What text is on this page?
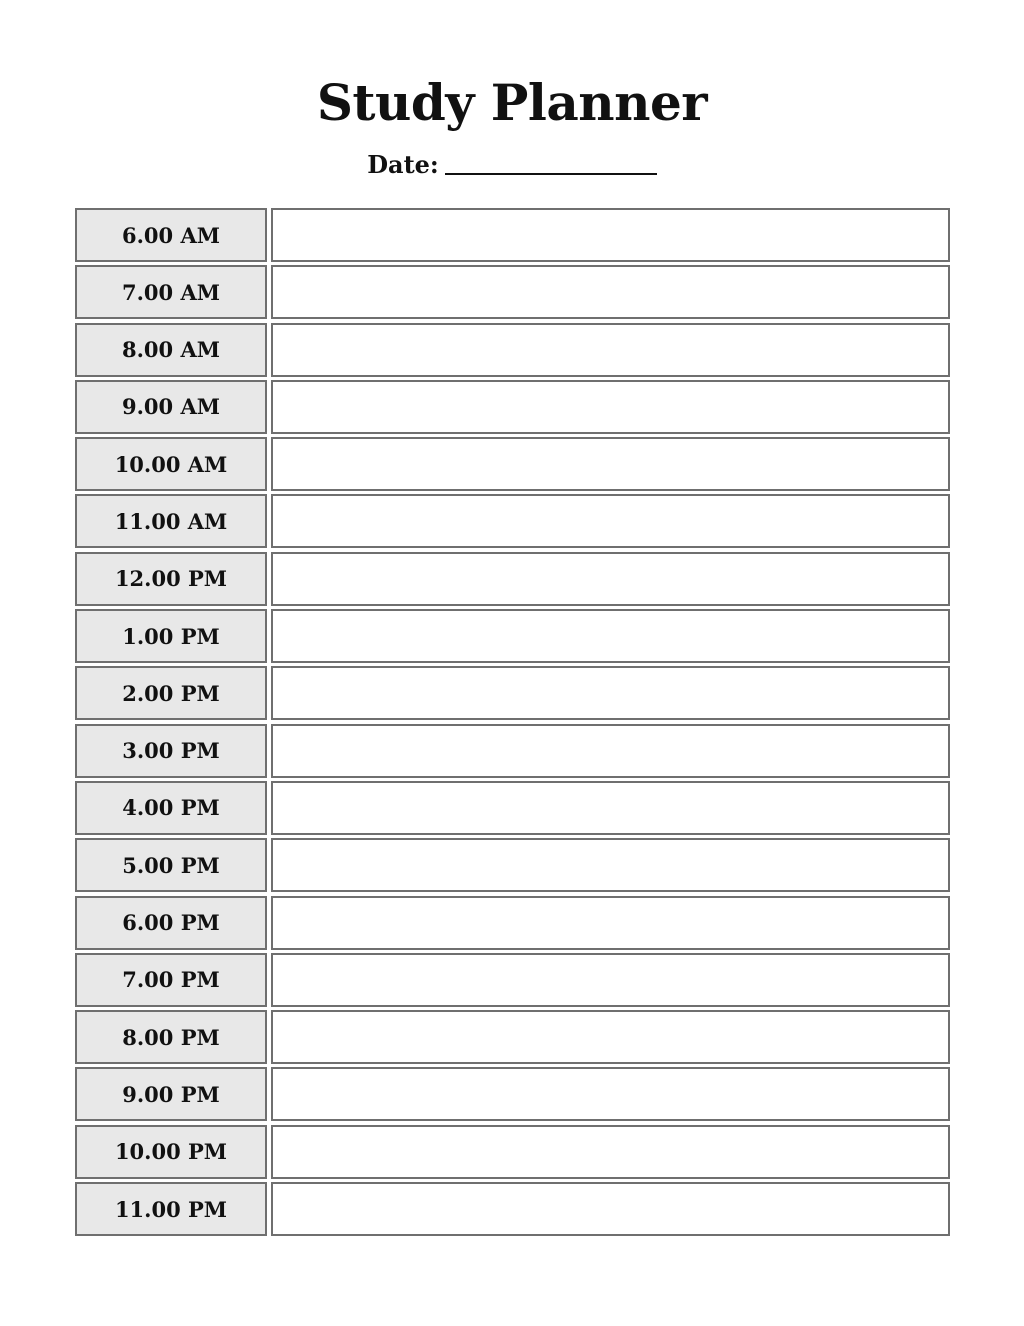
Study Planner
Date:
6.00 AM
7.00 AM
8.00 AM
9.00 AM
10.00 AM
11.00 AM
12.00 PM
1.00 PM
2.00 PM
3.00 PM
4.00 PM
5.00 PM
6.00 PM
7.00 PM
8.00 PM
9.00 PM
10.00 PM
11.00 PM
